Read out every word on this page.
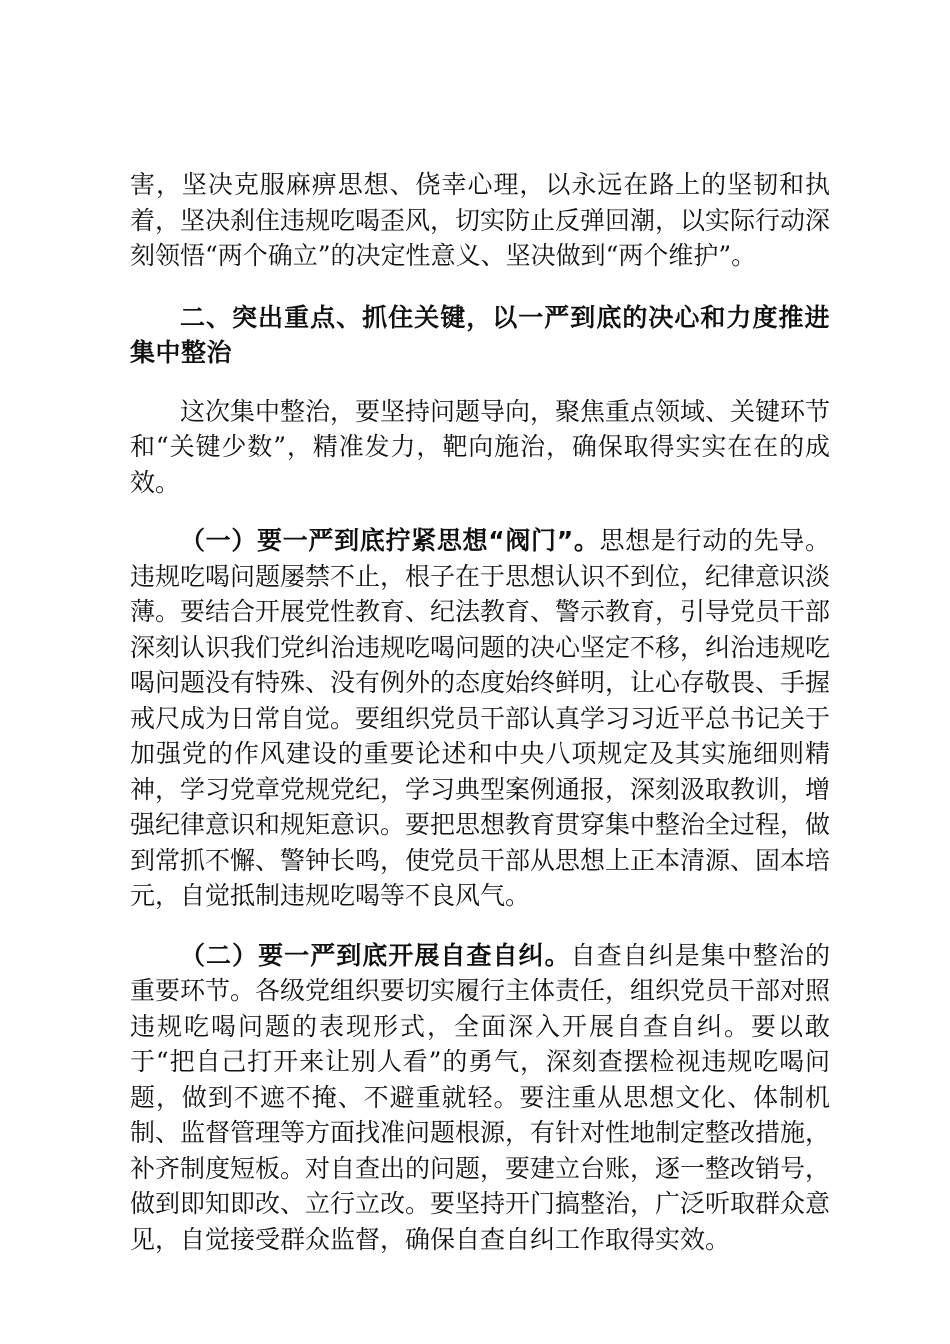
害，坚决克服麻痹思想、侥幸心理，以永远在路上的坚韧和执着，坚决刹住违规吃喝歪风，切实防止反弹回潮，以实际行动深刻领悟“两个确立”的决定性意义、坚决做到“两个维护”。

二、突出重点、抓住关键，以一严到底的决心和力度推进集中整治

这次集中整治，要坚持问题导向，聚焦重点领域、关键环节和“关键少数”，精准发力，靶向施治，确保取得实实在在的成效。

（一）要一严到底拧紧思想“阀门”。思想是行动的先导。违规吃喝问题屡禁不止，根子在于思想认识不到位，纪律意识淡薄。要结合开展党性教育、纪法教育、警示教育，引导党员干部深刻认识我们党纠治违规吃喝问题的决心坚定不移，纠治违规吃喝问题没有特殊、没有例外的态度始终鲜明，让心存敬畏、手握戒尺成为日常自觉。要组织党员干部认真学习习近平总书记关于加强党的作风建设的重要论述和中央八项规定及其实施细则精神，学习党章党规党纪，学习典型案例通报，深刻汲取教训，增强纪律意识和规矩意识。要把思想教育贯穿集中整治全过程，做到常抓不懈、警钟长鸣，使党员干部从思想上正本清源、固本培元，自觉抵制违规吃喝等不良风气。

（二）要一严到底开展自查自纠。自查自纠是集中整治的重要环节。各级党组织要切实履行主体责任，组织党员干部对照违规吃喝问题的表现形式，全面深入开展自查自纠。要以敢于“把自己打开来让别人看”的勇气，深刻查摆检视违规吃喝问题，做到不遮不掩、不避重就轻。要注重从思想文化、体制机制、监督管理等方面找准问题根源，有针对性地制定整改措施，补齐制度短板。对自查出的问题，要建立台账，逐一整改销号，做到即知即改、立行立改。要坚持开门搞整治，广泛听取群众意见，自觉接受群众监督，确保自查自纠工作取得实效。
